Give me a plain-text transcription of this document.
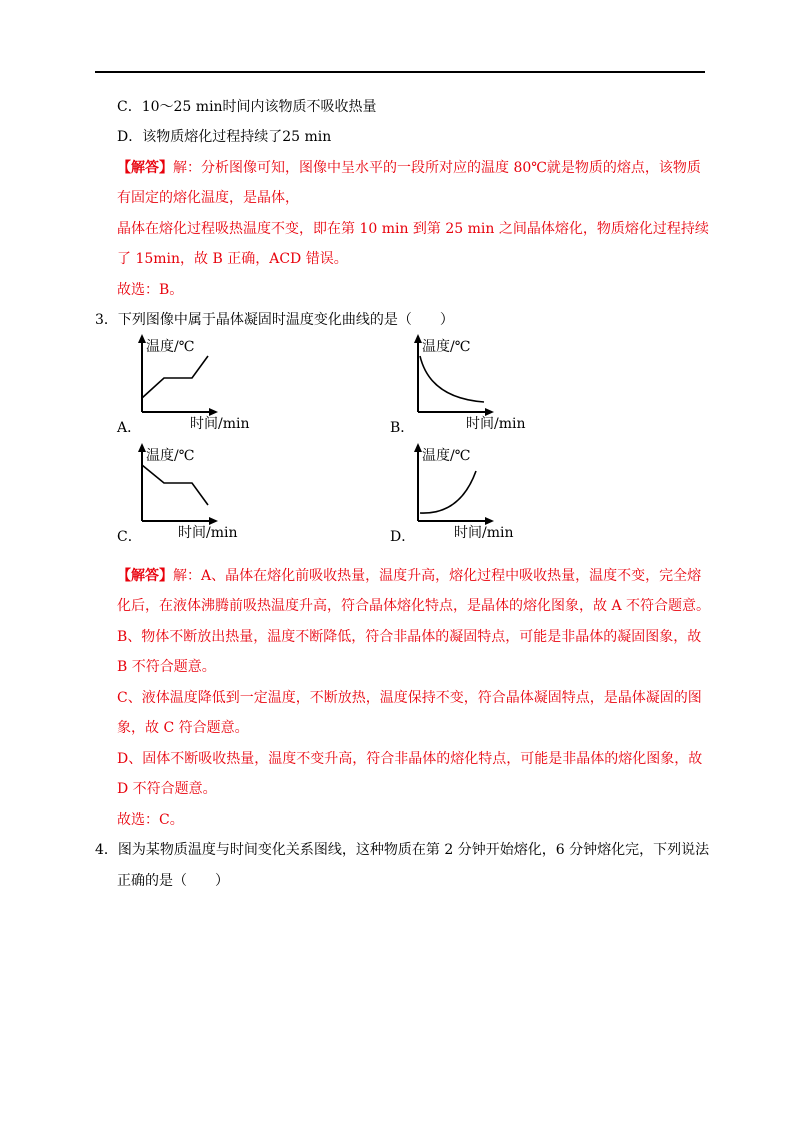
C．10～25 min时间内该物质不吸收热量
D．该物质熔化过程持续了25 min
【解答】解：分析图像可知，图像中呈水平的一段所对应的温度 80℃就是物质的熔点，该物质
有固定的熔化温度，是晶体，
晶体在熔化过程吸热温度不变，即在第 10 min 到第 25 min 之间晶体熔化，物质熔化过程持续
了 15min，故 B 正确，ACD 错误。
故选：B。
3．下列图像中属于晶体凝固时温度变化曲线的是（　　）
A．
温度/℃
时间/min	B．
温度/℃
时间/min
C．
温度/℃
时间/min	D．
温度/℃
时间/min
【解答】解：A、晶体在熔化前吸收热量，温度升高，熔化过程中吸收热量，温度不变，完全熔
化后，在液体沸腾前吸热温度升高，符合晶体熔化特点，是晶体的熔化图象，故 A 不符合题意。
B、物体不断放出热量，温度不断降低，符合非晶体的凝固特点，可能是非晶体的凝固图象，故
B 不符合题意。
C、液体温度降低到一定温度，不断放热，温度保持不变，符合晶体凝固特点，是晶体凝固的图
象，故 C 符合题意。
D、固体不断吸收热量，温度不变升高，符合非晶体的熔化特点，可能是非晶体的熔化图象，故
D 不符合题意。
故选：C。
4．图为某物质温度与时间变化关系图线，这种物质在第 2 分钟开始熔化，6 分钟熔化完，下列说法
正确的是（　　）
